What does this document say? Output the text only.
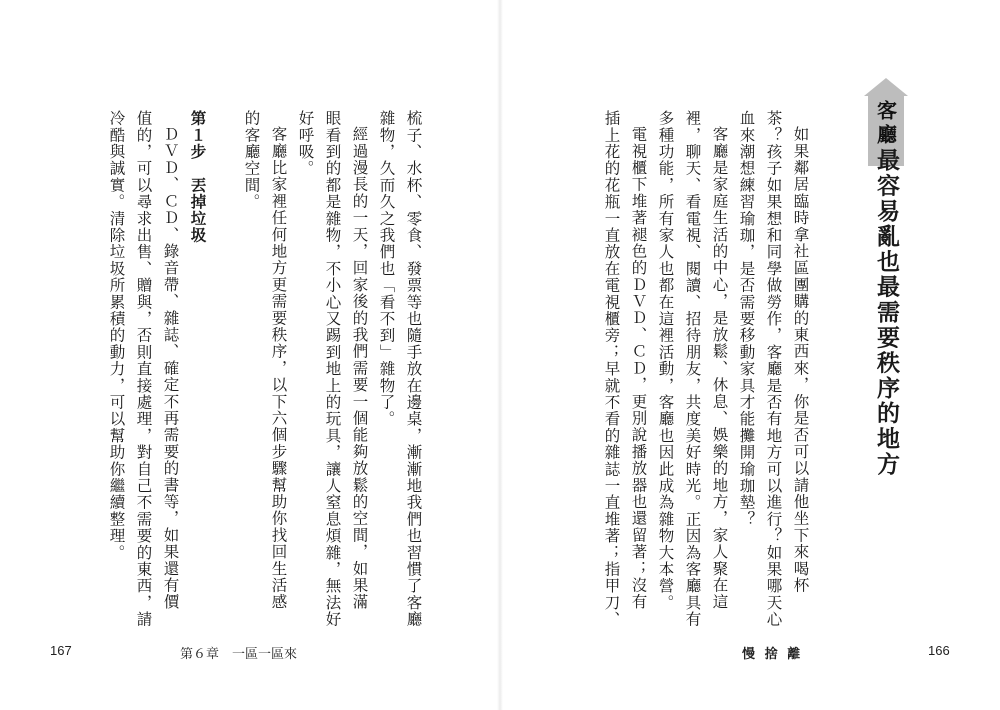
客廳
最容易亂也最需要秩序的地方
如果鄰居臨時拿社區團購的東西來，你是否可以請他坐下來喝杯
茶？孩子如果想和同學做勞作，客廳是否有地方可以進行？如果哪天心
血來潮想練習瑜珈，是否需要移動家具才能攤開瑜珈墊？
客廳是家庭生活的中心，是放鬆、休息、娛樂的地方，家人聚在這
裡，聊天、看電視、閱讀、招待朋友，共度美好時光。正因為客廳具有
多種功能，所有家人也都在這裡活動，客廳也因此成為雜物大本營。
電視櫃下堆著褪色的ＤＶＤ、ＣＤ，更別說播放器也還留著；沒有
插上花的花瓶一直放在電視櫃旁；早就不看的雜誌一直堆著；指甲刀、
166
慢 捨 離
梳子、水杯、零食、發票等也隨手放在邊桌，漸漸地我們也習慣了客廳
雜物，久而久之我們也「看不到」雜物了。
經過漫長的一天，回家後的我們需要一個能夠放鬆的空間，如果滿
眼看到的都是雜物，不小心又踢到地上的玩具，讓人窒息煩雜，無法好
好呼吸。
客廳比家裡任何地方更需要秩序，以下六個步驟幫助你找回生活感
的客廳空間。
第１步　丟掉垃圾
ＤＶＤ、ＣＤ、錄音帶、雜誌、確定不再需要的書等，如果還有價
值的，可以尋求出售、贈與，否則直接處理，對自己不需要的東西，請
冷酷與誠實。清除垃圾所累積的動力，可以幫助你繼續整理。
167	第６章　一區一區來
